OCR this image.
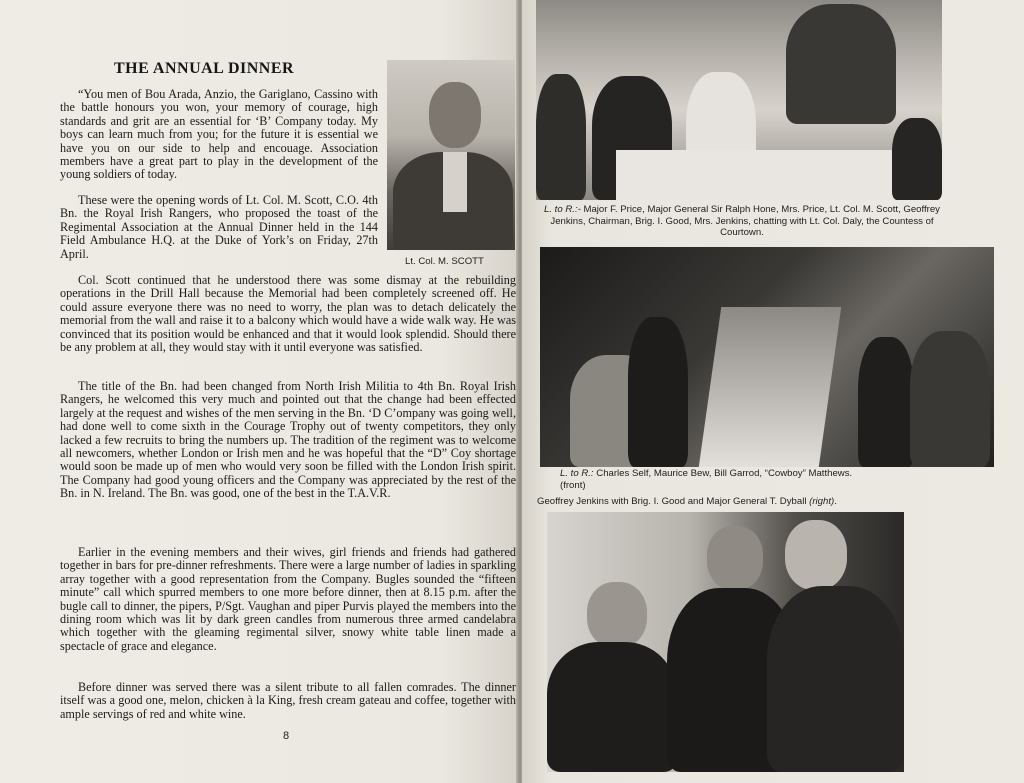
THE ANNUAL DINNER

“You men of Bou Arada, Anzio, the Gariglano, Cassino with the battle honours you won, your memory of courage, high standards and grit are an essential for ‘B’ Company today. My boys can learn much from you; for the future it is essential we have you on our side to help and encouage. Association members have a great part to play in the development of the young soldiers of today.

These were the opening words of Lt. Col. M. Scott, C.O. 4th Bn. the Royal Irish Rangers, who proposed the toast of the Regimental Association at the Annual Dinner held in the 144 Field Ambulance H.Q. at the Duke of York’s on Friday, 27th April.

Col. Scott continued that he understood there was some dismay at the rebuilding operations in the Drill Hall because the Memorial had been completely screened off. He could assure everyone there was no need to worry, the plan was to detach delicately the memorial from the wall and raise it to a balcony which would have a wide walk way. He was convinced that its position would be enhanced and that it would look splendid. Should there be any problem at all, they would stay with it until everyone was satisfied.

The title of the Bn. had been changed from North Irish Militia to 4th Bn. Royal Irish Rangers, he welcomed this very much and pointed out that the change had been effected largely at the request and wishes of the men serving in the Bn. ‘D C’ompany was going well, had done well to come sixth in the Courage Trophy out of twenty competitors, they only lacked a few recruits to bring the numbers up. The tradition of the regiment was to welcome all newcomers, whether London or Irish men and he was hopeful that the “D” Coy shortage would soon be made up of men who would very soon be filled with the London Irish spirit. The Company had good young officers and the Company was appreciated by the rest of the Bn. in N. Ireland. The Bn. was good, one of the best in the T.A.V.R.

Earlier in the evening members and their wives, girl friends and friends had gathered together in bars for pre-dinner refreshments. There were a large number of ladies in sparkling array together with a good representation from the Company. Bugles sounded the “fifteen minute” call which spurred members to one more before dinner, then at 8.15 p.m. after the bugle call to dinner, the pipers, P/Sgt. Vaughan and piper Purvis played the members into the dining room which was lit by dark green candles from numerous three armed candelabra which together with the gleaming regimental silver, snowy white table linen made a spectacle of grace and elegance.

Before dinner was served there was a silent tribute to all fallen comrades. The dinner itself was a good one, melon, chicken à la King, fresh cream gateau and coffee, together with ample servings of red and white wine.

Lt. Col. M. SCOTT

8

L. to R.:- Major F. Price, Major General Sir Ralph Hone, Mrs. Price, Lt. Col. M. Scott, Geoffrey Jenkins, Chairman, Brig. I. Good, Mrs. Jenkins, chatting with Lt. Col. Daly, the Countess of Courtown.

L. to R.: Charles Self, Maurice Bew, Bill Garrod, “Cowboy” Matthews.
(front)

Geoffrey Jenkins with Brig. I. Good and Major General T. Dyball (right).
